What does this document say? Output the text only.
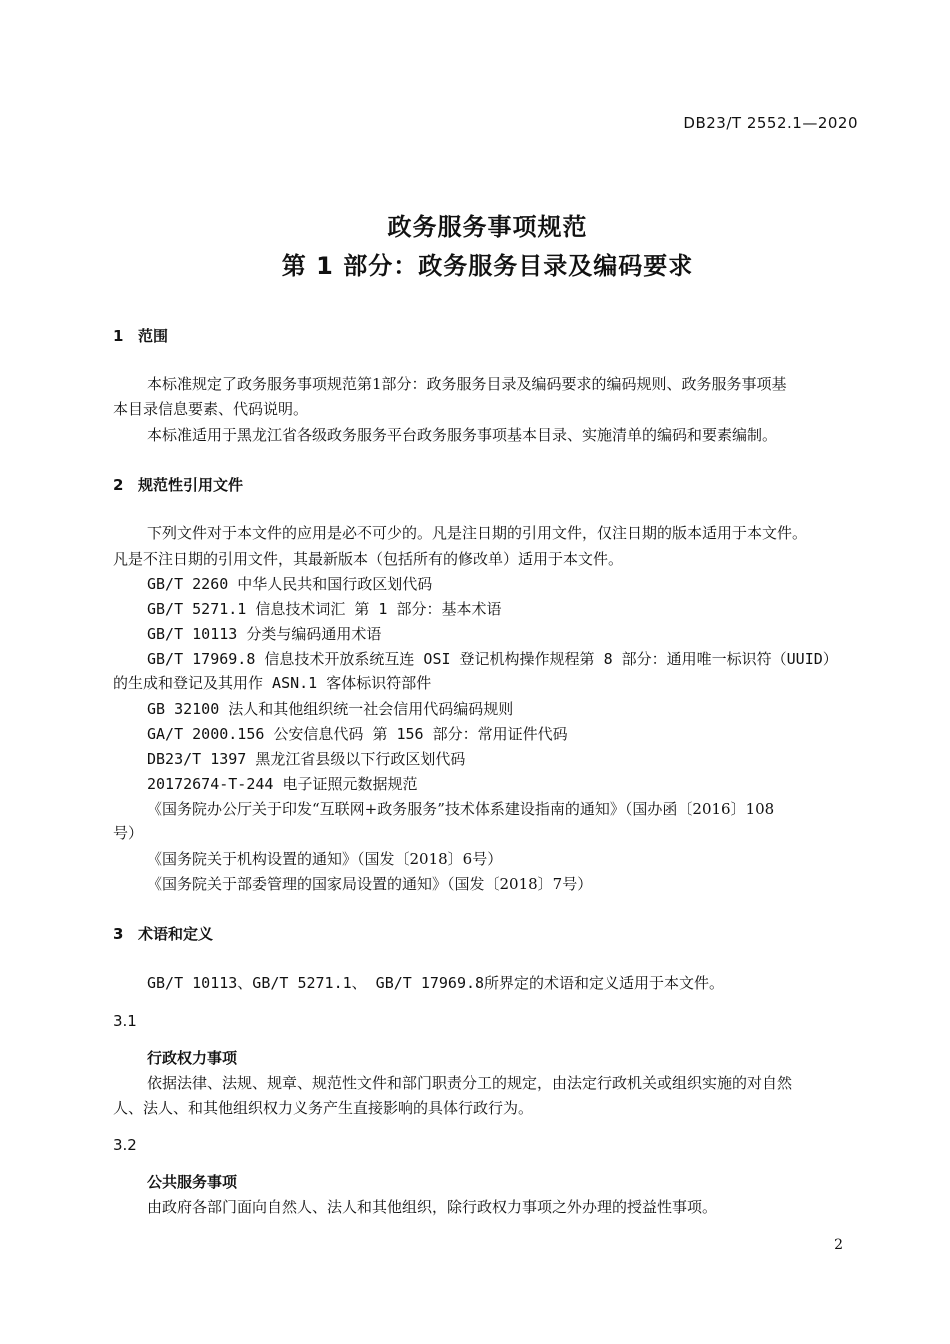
DB23/T 2552.1—2020
政务服务事项规范
第 1 部分：政务服务目录及编码要求
1 范围
本标准规定了政务服务事项规范第1部分：政务服务目录及编码要求的编码规则、政务服务事项基
本目录信息要素、代码说明。
本标准适用于黑龙江省各级政务服务平台政务服务事项基本目录、实施清单的编码和要素编制。
2 规范性引用文件
下列文件对于本文件的应用是必不可少的。凡是注日期的引用文件，仅注日期的版本适用于本文件。
凡是不注日期的引用文件，其最新版本（包括所有的修改单）适用于本文件。
GB/T 2260 中华人民共和国行政区划代码
GB/T 5271.1 信息技术词汇 第 1 部分：基本术语
GB/T 10113 分类与编码通用术语
GB/T 17969.8 信息技术开放系统互连 OSI 登记机构操作规程第 8 部分：通用唯一标识符（UUID）
的生成和登记及其用作 ASN.1 客体标识符部件
GB 32100 法人和其他组织统一社会信用代码编码规则
GA/T 2000.156 公安信息代码 第 156 部分：常用证件代码
DB23/T 1397 黑龙江省县级以下行政区划代码
20172674-T-244 电子证照元数据规范
《国务院办公厅关于印发“互联网+政务服务”技术体系建设指南的通知》（国办函〔2016〕108
号）
《国务院关于机构设置的通知》（国发〔2018〕6号）
《国务院关于部委管理的国家局设置的通知》（国发〔2018〕7号）
3 术语和定义
GB/T 10113、GB/T 5271.1、 GB/T 17969.8所界定的术语和定义适用于本文件。
3.1
行政权力事项
依据法律、法规、规章、规范性文件和部门职责分工的规定，由法定行政机关或组织实施的对自然
人、法人、和其他组织权力义务产生直接影响的具体行政行为。
3.2
公共服务事项
由政府各部门面向自然人、法人和其他组织，除行政权力事项之外办理的授益性事项。
2
